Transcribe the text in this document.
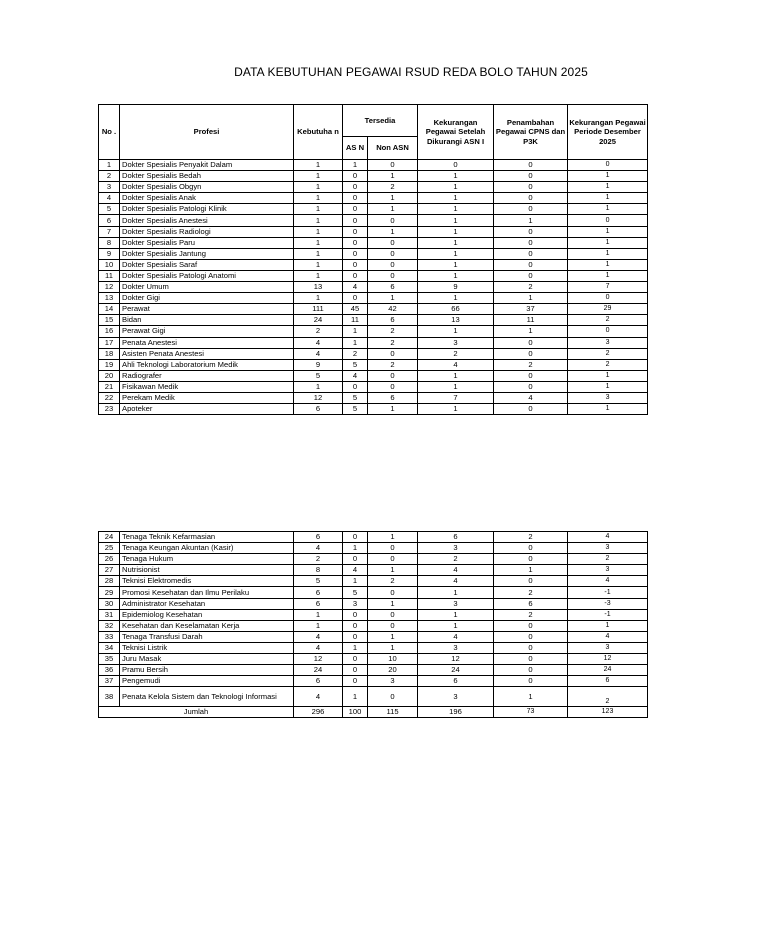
DATA KEBUTUHAN PEGAWAI RSUD REDA BOLO TAHUN 2025
No .	Profesi	Kebutuha n	Tersedia		Kekurangan Pegawai Setelah Dikurangi ASN I	Penambahan Pegawai CPNS dan P3K	Kekurangan Pegawai Periode Desember 2025
			AS N	Non ASN			
1	Dokter Spesialis Penyakit Dalam	1	1	0	0	0	0
2	Dokter Spesialis Bedah	1	0	1	1	0	1
3	Dokter Spesialis Obgyn	1	0	2	1	0	1
4	Dokter Spesialis Anak	1	0	1	1	0	1
5	Dokter Spesialis Patologi Klinik	1	0	1	1	0	1
6	Dokter Spesialis Anestesi	1	0	0	1	1	0
7	Dokter Spesialis Radiologi	1	0	1	1	0	1
8	Dokter Spesialis Paru	1	0	0	1	0	1
9	Dokter Spesialis Jantung	1	0	0	1	0	1
10	Dokter Spesialis Saraf	1	0	0	1	0	1
11	Dokter Spesialis Patologi Anatomi	1	0	0	1	0	1
12	Dokter Umum	13	4	6	9	2	7
13	Dokter Gigi	1	0	1	1	1	0
14	Perawat	111	45	42	66	37	29
15	Bidan	24	11	6	13	11	2
16	Perawat Gigi	2	1	2	1	1	0
17	Penata Anestesi	4	1	2	3	0	3
18	Asisten Penata Anestesi	4	2	0	2	0	2
19	Ahli Teknologi Laboratorium Medik	9	5	2	4	2	2
20	Radiografer	5	4	0	1	0	1
21	Fisikawan Medik	1	0	0	1	0	1
22	Perekam Medik	12	5	6	7	4	3
23	Apoteker	6	5	1	1	0	1
24	Tenaga Teknik Kefarmasian	6	0	1	6	2	4
25	Tenaga Keungan Akuntan (Kasir)	4	1	0	3	0	3
26	Tenaga Hukum	2	0	0	2	0	2
27	Nutrisionist	8	4	1	4	1	3
28	Teknisi Elektromedis	5	1	2	4	0	4
29	Promosi Kesehatan dan Ilmu Perilaku	6	5	0	1	2	-1
30	Administrator Kesehatan	6	3	1	3	6	-3
31	Epidemiolog Kesehatan	1	0	0	1	2	-1
32	Kesehatan dan Keselamatan Kerja	1	0	0	1	0	1
33	Tenaga Transfusi Darah	4	0	1	4	0	4
34	Teknisi Listrik	4	1	1	3	0	3
35	Juru Masak	12	0	10	12	0	12
36	Pramu Bersih	24	0	20	24	0	24
37	Pengemudi	6	0	3	6	0	6
38	Penata Kelola Sistem dan Teknologi Informasi	4	1	0	3	1	2
Jumlah		296	100	115	196	73	123
